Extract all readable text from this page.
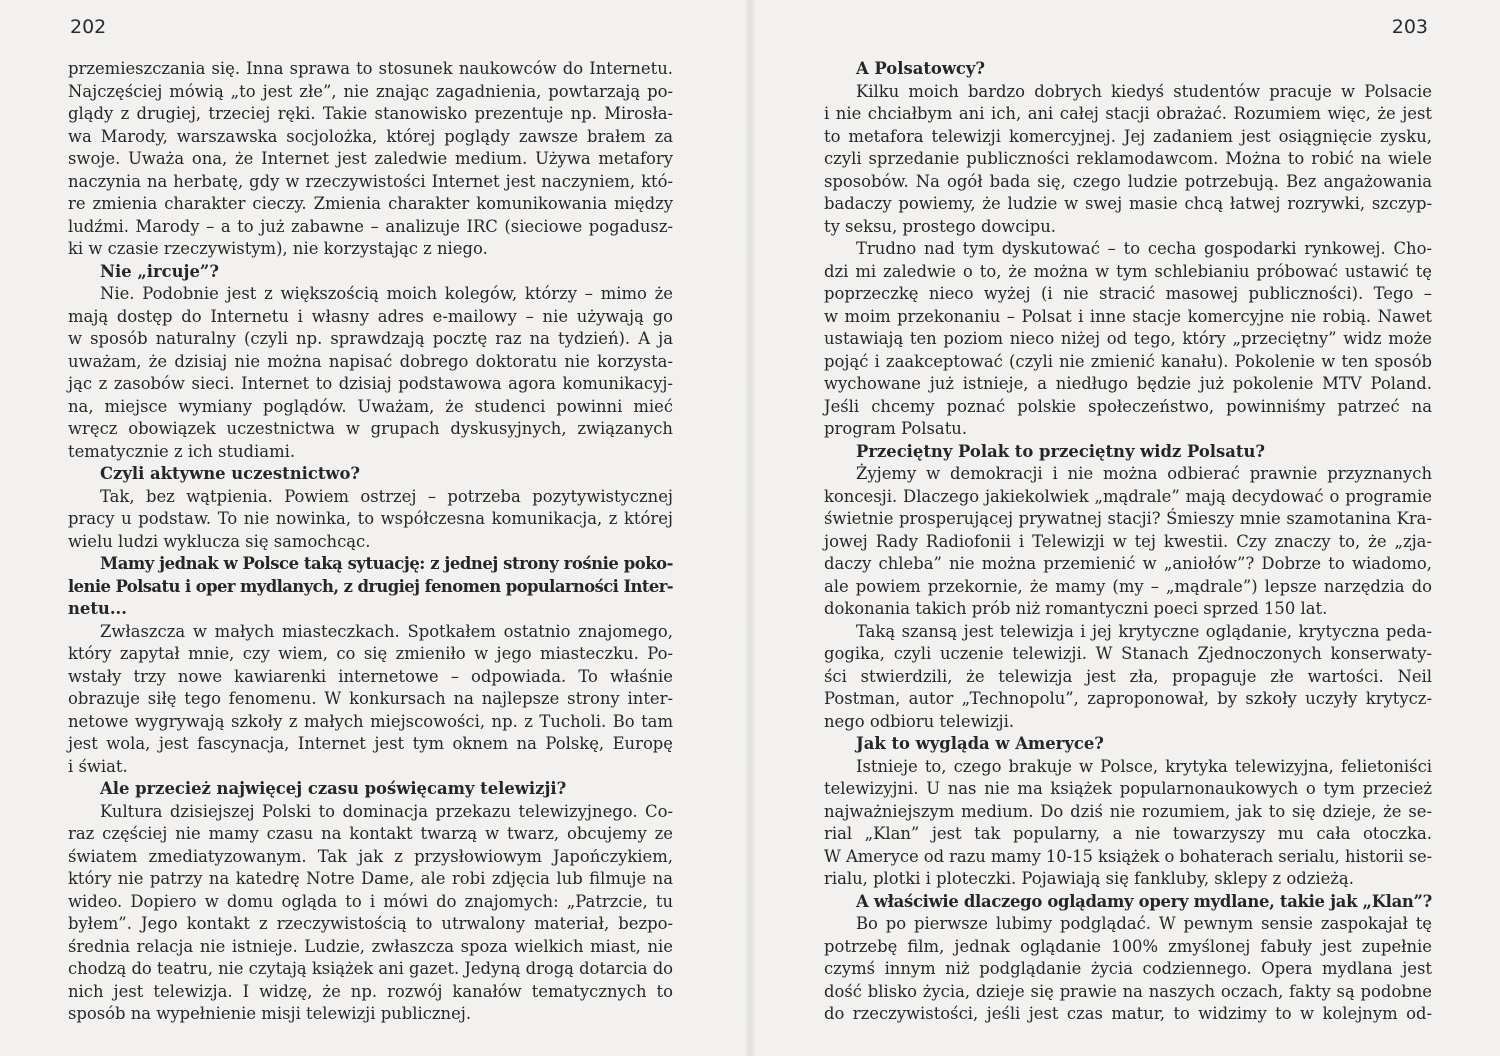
202
przemieszczania się. Inna sprawa to stosunek naukowców do Internetu.
Najczęściej mówią „to jest złe”, nie znając zagadnienia, powtarzają po-
glądy z drugiej, trzeciej ręki. Takie stanowisko prezentuje np. Mirosła-
wa Marody, warszawska socjolożka, której poglądy zawsze brałem za
swoje. Uważa ona, że Internet jest zaledwie medium. Używa metafory
naczynia na herbatę, gdy w rzeczywistości Internet jest naczyniem, któ-
re zmienia charakter cieczy. Zmienia charakter komunikowania między
ludźmi. Marody – a to już zabawne – analizuje IRC (sieciowe pogadusz-
ki w czasie rzeczywistym), nie korzystając z niego.
Nie „ircuje”?
Nie. Podobnie jest z większością moich kolegów, którzy – mimo że
mają dostęp do Internetu i własny adres e-mailowy – nie używają go
w sposób naturalny (czyli np. sprawdzają pocztę raz na tydzień). A ja
uważam, że dzisiaj nie można napisać dobrego doktoratu nie korzysta-
jąc z zasobów sieci. Internet to dzisiaj podstawowa agora komunikacyj-
na, miejsce wymiany poglądów. Uważam, że studenci powinni mieć
wręcz obowiązek uczestnictwa w grupach dyskusyjnych, związanych
tematycznie z ich studiami.
Czyli aktywne uczestnictwo?
Tak, bez wątpienia. Powiem ostrzej – potrzeba pozytywistycznej
pracy u podstaw. To nie nowinka, to współczesna komunikacja, z której
wielu ludzi wyklucza się samochcąc.
Mamy jednak w Polsce taką sytuację: z jednej strony rośnie poko-
lenie Polsatu i oper mydlanych, z drugiej fenomen popularności Inter-
netu...
Zwłaszcza w małych miasteczkach. Spotkałem ostatnio znajomego,
który zapytał mnie, czy wiem, co się zmieniło w jego miasteczku. Po-
wstały trzy nowe kawiarenki internetowe – odpowiada. To właśnie
obrazuje siłę tego fenomenu. W konkursach na najlepsze strony inter-
netowe wygrywają szkoły z małych miejscowości, np. z Tucholi. Bo tam
jest wola, jest fascynacja, Internet jest tym oknem na Polskę, Europę
i świat.
Ale przecież najwięcej czasu poświęcamy telewizji?
Kultura dzisiejszej Polski to dominacja przekazu telewizyjnego. Co-
raz częściej nie mamy czasu na kontakt twarzą w twarz, obcujemy ze
światem zmediatyzowanym. Tak jak z przysłowiowym Japończykiem,
który nie patrzy na katedrę Notre Dame, ale robi zdjęcia lub filmuje na
wideo. Dopiero w domu ogląda to i mówi do znajomych: „Patrzcie, tu
byłem”. Jego kontakt z rzeczywistością to utrwalony materiał, bezpo-
średnia relacja nie istnieje. Ludzie, zwłaszcza spoza wielkich miast, nie
chodzą do teatru, nie czytają książek ani gazet. Jedyną drogą dotarcia do
nich jest telewizja. I widzę, że np. rozwój kanałów tematycznych to
sposób na wypełnienie misji telewizji publicznej.
203
A Polsatowcy?
Kilku moich bardzo dobrych kiedyś studentów pracuje w Polsacie
i nie chciałbym ani ich, ani całej stacji obrażać. Rozumiem więc, że jest
to metafora telewizji komercyjnej. Jej zadaniem jest osiągnięcie zysku,
czyli sprzedanie publiczności reklamodawcom. Można to robić na wiele
sposobów. Na ogół bada się, czego ludzie potrzebują. Bez angażowania
badaczy powiemy, że ludzie w swej masie chcą łatwej rozrywki, szczyp-
ty seksu, prostego dowcipu.
Trudno nad tym dyskutować – to cecha gospodarki rynkowej. Cho-
dzi mi zaledwie o to, że można w tym schlebianiu próbować ustawić tę
poprzeczkę nieco wyżej (i nie stracić masowej publiczności). Tego –
w moim przekonaniu – Polsat i inne stacje komercyjne nie robią. Nawet
ustawiają ten poziom nieco niżej od tego, który „przeciętny” widz może
pojąć i zaakceptować (czyli nie zmienić kanału). Pokolenie w ten sposób
wychowane już istnieje, a niedługo będzie już pokolenie MTV Poland.
Jeśli chcemy poznać polskie społeczeństwo, powinniśmy patrzeć na
program Polsatu.
Przeciętny Polak to przeciętny widz Polsatu?
Żyjemy w demokracji i nie można odbierać prawnie przyznanych
koncesji. Dlaczego jakiekolwiek „mądrale” mają decydować o programie
świetnie prosperującej prywatnej stacji? Śmieszy mnie szamotanina Kra-
jowej Rady Radiofonii i Telewizji w tej kwestii. Czy znaczy to, że „zja-
daczy chleba” nie można przemienić w „aniołów”? Dobrze to wiadomo,
ale powiem przekornie, że mamy (my – „mądrale”) lepsze narzędzia do
dokonania takich prób niż romantyczni poeci sprzed 150 lat.
Taką szansą jest telewizja i jej krytyczne oglądanie, krytyczna peda-
gogika, czyli uczenie telewizji. W Stanach Zjednoczonych konserwaty-
ści stwierdzili, że telewizja jest zła, propaguje złe wartości. Neil
Postman, autor „Technopolu”, zaproponował, by szkoły uczyły krytycz-
nego odbioru telewizji.
Jak to wygląda w Ameryce?
Istnieje to, czego brakuje w Polsce, krytyka telewizyjna, felietoniści
telewizyjni. U nas nie ma książek popularnonaukowych o tym przecież
najważniejszym medium. Do dziś nie rozumiem, jak to się dzieje, że se-
rial „Klan” jest tak popularny, a nie towarzyszy mu cała otoczka.
W Ameryce od razu mamy 10-15 książek o bohaterach serialu, historii se-
rialu, plotki i ploteczki. Pojawiają się fankluby, sklepy z odzieżą.
A właściwie dlaczego oglądamy opery mydlane, takie jak „Klan”?
Bo po pierwsze lubimy podglądać. W pewnym sensie zaspokajał tę
potrzebę film, jednak oglądanie 100% zmyślonej fabuły jest zupełnie
czymś innym niż podglądanie życia codziennego. Opera mydlana jest
dość blisko życia, dzieje się prawie na naszych oczach, fakty są podobne
do rzeczywistości, jeśli jest czas matur, to widzimy to w kolejnym od-
